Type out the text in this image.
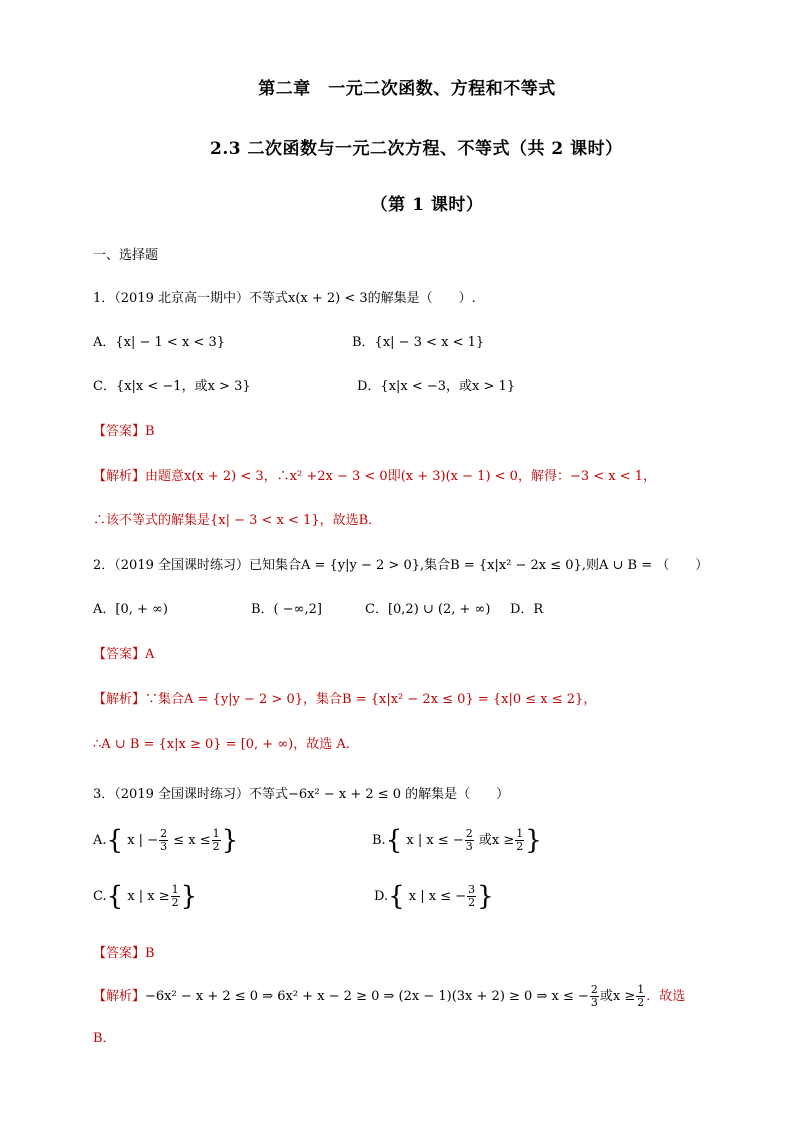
第二章　一元二次函数、方程和不等式
2.3 二次函数与一元二次方程、不等式（共 2 课时）
（第 1 课时）
一、选择题
1．（2019 北京高一期中）不等式x(x + 2) < 3的解集是（　　）.
A．{x| − 1 < x < 3}	B．{x| − 3 < x < 1}
C．{x|x < −1，或x > 3}	D．{x|x < −3，或x > 1}
【答案】B
【解析】由题意x(x + 2) < 3，∴x² +2x − 3 < 0即(x + 3)(x − 1) < 0，解得：−3 < x < 1，
∴该不等式的解集是{x| − 3 < x < 1}，故选B．
2．（2019 全国课时练习）已知集合A = {y|y − 2 > 0},集合B = {x|x² − 2x ≤ 0},则A ∪ B = （　　）
A．[0, + ∞)	B．( −∞,2]	C．[0,2) ∪ (2, + ∞) D．R
【答案】A
【解析】∵集合A = {y|y − 2 > 0}，集合B = {x|x² − 2x ≤ 0} = {x|0 ≤ x ≤ 2}，
∴A ∪ B = {x|x ≥ 0} = [0, + ∞)，故选 A.
3．（2019 全国课时练习）不等式−6x² − x + 2 ≤ 0 的解集是（　　）
A.{ x | − $\frac{2}{3} \le x \le \frac{1}{2}$ }	B.{ x | x ≤ − $\frac{2}{3}$ 或$x \ge \frac{1}{2}$ }
C.{ x | $x \ge \frac{1}{2}$ }	D.{ x | x ≤ − $\frac{3}{2}$ }
【答案】B
【解析】−6x² − x + 2 ≤ 0 ⇒ 6x² + x − 2 ≥ 0 ⇒ (2x − 1)(3x + 2) ≥ 0 ⇒ x ≤ − $\frac{2}{3}$ 或$x \ge \frac{1}{2}$ ．故选
B．
